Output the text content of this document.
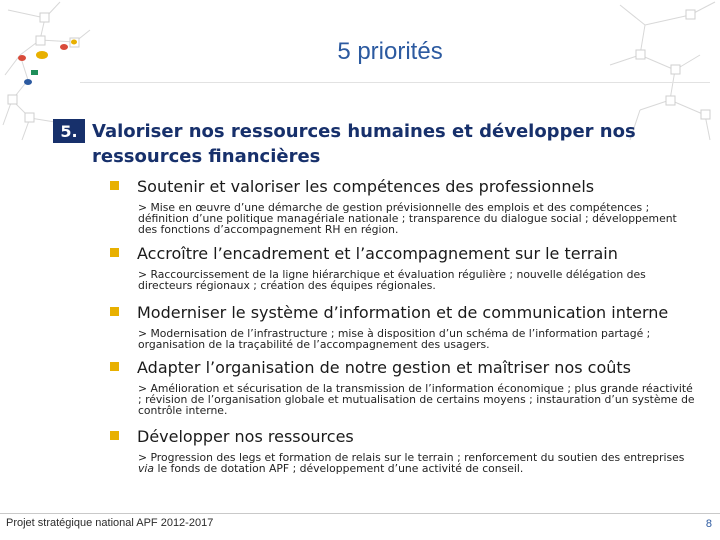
5 priorités
5. Valoriser nos ressources humaines et développer nos ressources financières
Soutenir et valoriser les compétences des professionnels
> Mise en œuvre d’une démarche de gestion prévisionnelle des emplois et des compétences ; définition d’une politique managériale nationale ; transparence du dialogue social ; développement des fonctions d’accompagnement RH en région.
Accroître l’encadrement et l’accompagnement sur le terrain
> Raccourcissement de la ligne hiérarchique et évaluation régulière ; nouvelle délégation des directeurs régionaux ; création des équipes régionales.
Moderniser le système d’information et de communication interne
> Modernisation de l’infrastructure ; mise à disposition d’un schéma de l’information partagé ; organisation de la traçabilité de l’accompagnement des usagers.
Adapter l’organisation de notre gestion et maîtriser nos coûts
> Amélioration et sécurisation de la transmission de l’information économique ; plus grande réactivité ; révision de l’organisation globale et mutualisation de certains moyens ; instauration d’un système de contrôle interne.
Développer nos ressources
> Progression des legs et formation de relais sur le terrain ; renforcement du soutien des entreprises via le fonds de dotation APF ; développement d’une activité de conseil.
Projet stratégique national APF 2012-2017	8
